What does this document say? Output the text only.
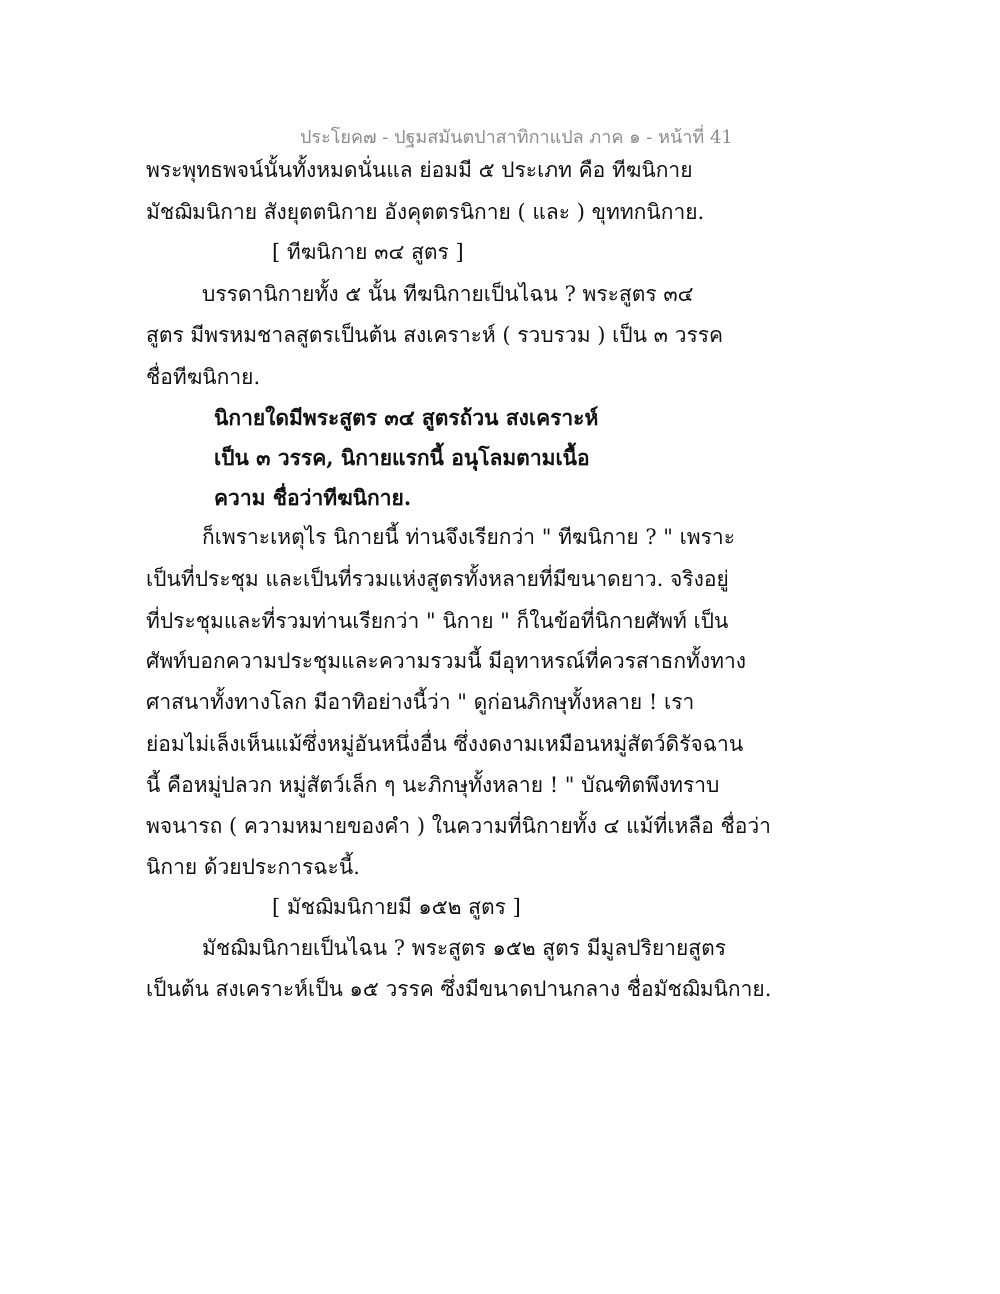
ประโยค๗ - ปฐมสมันตปาสาทิกาแปล ภาค ๑ - หน้าที่ 41
พระพุทธพจน์นั้นทั้งหมดนั่นแล ย่อมมี ๕ ประเภท คือ ทีฆนิกาย
มัชฌิมนิกาย สังยุตตนิกาย อังคุตตรนิกาย ( และ ) ขุททกนิกาย.
[ ทีฆนิกาย ๓๔ สูตร ]
บรรดานิกายทั้ง ๕ นั้น ทีฆนิกายเป็นไฉน ? พระสูตร ๓๔
สูตร มีพรหมชาลสูตรเป็นต้น สงเคราะห์ ( รวบรวม ) เป็น ๓ วรรค
ชื่อทีฆนิกาย.
นิกายใดมีพระสูตร ๓๔ สูตรถ้วน สงเคราะห์
เป็น ๓ วรรค, นิกายแรกนี้ อนุโลมตามเนื้อ
ความ ชื่อว่าทีฆนิกาย.
ก็เพราะเหตุไร นิกายนี้ ท่านจึงเรียกว่า " ทีฆนิกาย ? " เพราะ
เป็นที่ประชุม และเป็นที่รวมแห่งสูตรทั้งหลายที่มีขนาดยาว. จริงอยู่
ที่ประชุมและที่รวมท่านเรียกว่า " นิกาย " ก็ในข้อที่นิกายศัพท์ เป็น
ศัพท์บอกความประชุมและความรวมนี้ มีอุทาหรณ์ที่ควรสาธกทั้งทาง
ศาสนาทั้งทางโลก มีอาทิอย่างนี้ว่า " ดูก่อนภิกษุทั้งหลาย ! เรา
ย่อมไม่เล็งเห็นแม้ซึ่งหมู่อันหนึ่งอื่น ซึ่งงดงามเหมือนหมู่สัตว์ดิรัจฉาน
นี้ คือหมู่ปลวก หมู่สัตว์เล็ก ๆ นะภิกษุทั้งหลาย ! " บัณฑิตพึงทราบ
พจนารถ ( ความหมายของคำ ) ในความที่นิกายทั้ง ๔ แม้ที่เหลือ ชื่อว่า
นิกาย ด้วยประการฉะนี้.
[ มัชฌิมนิกายมี ๑๕๒ สูตร ]
มัชฌิมนิกายเป็นไฉน ? พระสูตร ๑๕๒ สูตร มีมูลปริยายสูตร
เป็นต้น สงเคราะห์เป็น ๑๕ วรรค ซึ่งมีขนาดปานกลาง ชื่อมัชฌิมนิกาย.
